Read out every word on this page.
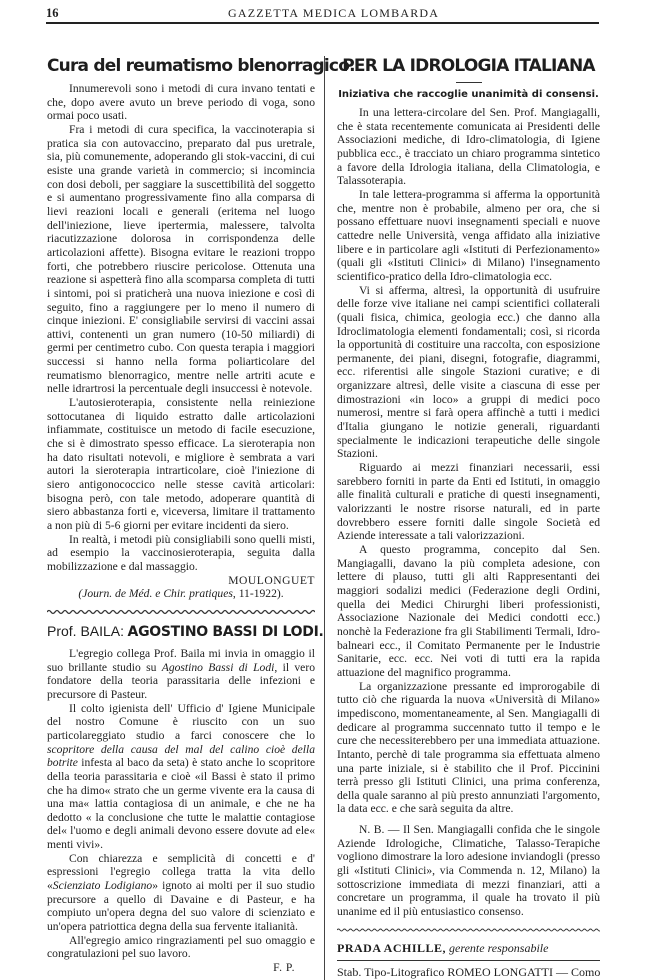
16	GAZZETTA MEDICA LOMBARDA
Cura del reumatismo blenorragico.

Innumerevoli sono i metodi di cura invano tentati e che, dopo avere avuto un breve periodo di voga, sono ormai poco usati.

Fra i metodi di cura specifica, la vaccinoterapia si pratica sia con autovaccino, preparato dal pus uretrale, sia, più comunemente, adoperando gli stok-vaccini, di cui esiste una grande varietà in commercio; si incomincia con dosi deboli, per saggiare la suscettibilità del soggetto e si aumentano progressivamente fino alla comparsa di lievi reazioni locali e generali (eritema nel luogo dell'iniezione, lieve ipertermia, malessere, talvolta riacutizzazione dolorosa in corrispondenza delle articolazioni affette). Bisogna evitare le reazioni troppo forti, che potrebbero riuscire pericolose. Ottenuta una reazione si aspetterà fino alla scomparsa completa di tutti i sintomi, poi si praticherà una nuova iniezione e così di seguito, fino a raggiungere per lo meno il numero di cinque iniezioni. E' consigliabile servirsi di vaccini assai attivi, contenenti un gran numero (10-50 miliardi) di germi per centimetro cubo. Con questa terapia i maggiori successi si hanno nella forma poliarticolare del reumatismo blenorragico, mentre nelle artriti acute e nelle idrartrosi la percentuale degli insuccessi è notevole.

L'autosieroterapia, consistente nella reiniezione sottocutanea di liquido estratto dalle articolazioni infiammate, costituisce un metodo di facile esecuzione, che si è dimostrato spesso efficace. La sieroterapia non ha dato risultati notevoli, e migliore è sembrata a vari autori la sieroterapia intrarticolare, cioè l'iniezione di siero antigonococcico nelle stesse cavità articolari: bisogna però, con tale metodo, adoperare quantità di siero abbastanza forti e, viceversa, limitare il trattamento a non più di 5-6 giorni per evitare incidenti da siero.

In realtà, i metodi più consigliabili sono quelli misti, ad esempio la vaccinosieroterapia, seguita dalla mobilizzazione e dal massaggio.

MOULONGUET

(Journ. de Méd. e Chir. pratiques, 11-1922).

Prof. BAILA: AGOSTINO BASSI DI LODI.

L'egregio collega Prof. Baila mi invia in omaggio il suo brillante studio su Agostino Bassi di Lodi, il vero fondatore della teoria parassitaria delle infezioni e precursore di Pasteur.

Il colto igienista dell' Ufficio d' Igiene Municipale del nostro Comune è riuscito con un suo particolareggiato studio a farci conoscere che lo scopritore della causa del mal del calino cioè della botrite infesta al baco da seta) è stato anche lo scopritore della teoria parassitaria e cioè «il Bassi è stato il primo che ha dimo« strato che un germe vivente era la causa di una ma« lattia contagiosa di un animale, e che ne ha dedotto « la conclusione che tutte le malattie contagiose del« l'uomo e degli animali devono essere dovute ad ele« menti vivi».

Con chiarezza e semplicità di concetti e d' espressioni l'egregio collega tratta la vita dello «Scienziato Lodigiano» ignoto ai molti per il suo studio precursore a quello di Davaine e di Pasteur, e ha compiuto un'opera degna del suo valore di scienziato e un'opera patriottica degna della sua fervente italianità.

All'egregio amico ringraziamenti pel suo omaggio e congratulazioni pel suo lavoro.

F. P.
PER LA IDROLOGIA ITALIANA
Iniziativa che raccoglie unanimità di consensi.

In una lettera-circolare del Sen. Prof. Mangiagalli, che è stata recentemente comunicata ai Presidenti delle Associazioni mediche, di Idro-climatologia, di Igiene pubblica ecc., è tracciato un chiaro programma sintetico a favore della Idrologia italiana, della Climatologia, e Talassoterapia.

In tale lettera-programma si afferma la opportunità che, mentre non è probabile, almeno per ora, che si possano effettuare nuovi insegnamenti speciali e nuove cattedre nelle Università, venga affidato alla iniziative libere e in particolare agli «Istituti di Perfezionamento» (quali gli «Istituti Clinici» di Milano) l'insegnamento scientifico-pratico della Idro-climatologia ecc.

Vi si afferma, altresì, la opportunità di usufruire delle forze vive italiane nei campi scientifici collaterali (quali fisica, chimica, geologia ecc.) che danno alla Idroclimatologia elementi fondamentali; così, si ricorda la opportunità di costituire una raccolta, con esposizione permanente, dei piani, disegni, fotografie, diagrammi, ecc. riferentisi alle singole Stazioni curative; e di organizzare altresì, delle visite a ciascuna di esse per dimostrazioni «in loco» a gruppi di medici poco numerosi, mentre si farà opera affinchè a tutti i medici d'Italia giungano le notizie generali, riguardanti specialmente le indicazioni terapeutiche delle singole Stazioni.

Riguardo ai mezzi finanziari necessarii, essi sarebbero forniti in parte da Enti ed Istituti, in omaggio alle finalità culturali e pratiche di questi insegnamenti, valorizzanti le nostre risorse naturali, ed in parte dovrebbero essere forniti dalle singole Società ed Aziende interessate a tali valorizzazioni.

A questo programma, concepito dal Sen. Mangiagalli, davano la più completa adesione, con lettere di plauso, tutti gli alti Rappresentanti dei maggiori sodalizi medici (Federazione degli Ordini, quella dei Medici Chirurghi liberi professionisti, Associazione Nazionale dei Medici condotti ecc.) nonchè la Federazione fra gli Stabilimenti Termali, Idro-balneari ecc., il Comitato Permanente per le Industrie Sanitarie, ecc. ecc. Nei voti di tutti era la rapida attuazione del magnifico programma.

La organizzazione pressante ed improrogabile di tutto ciò che riguarda la nuova «Università di Milano» impediscono, momentaneamente, al Sen. Mangiagalli di dedicare al programma succennato tutto il tempo e le cure che necessiterebbero per una immediata attuazione. Intanto, perchè di tale programma sia effettuata almeno una parte iniziale, si è stabilito che il Prof. Piccinini terrà presso gli Istituti Clinici, una prima conferenza, della quale saranno al più presto annunziati l'argomento, la data ecc. e che sarà seguita da altre.

N. B. — Il Sen. Mangiagalli confida che le singole Aziende Idrologiche, Climatiche, Talasso-Terapiche vogliono dimostrare la loro adesione inviandogli (presso gli «Istituti Clinici», via Commenda n. 12, Milano) la sottoscrizione immediata di mezzi finanziari, atti a concretare un programma, il quale ha trovato il più unanime ed il più entusiastico consenso.

PRADA ACHILLE, gerente responsabile
Stab. Tipo-Litografico ROMEO LONGATTI — Como
